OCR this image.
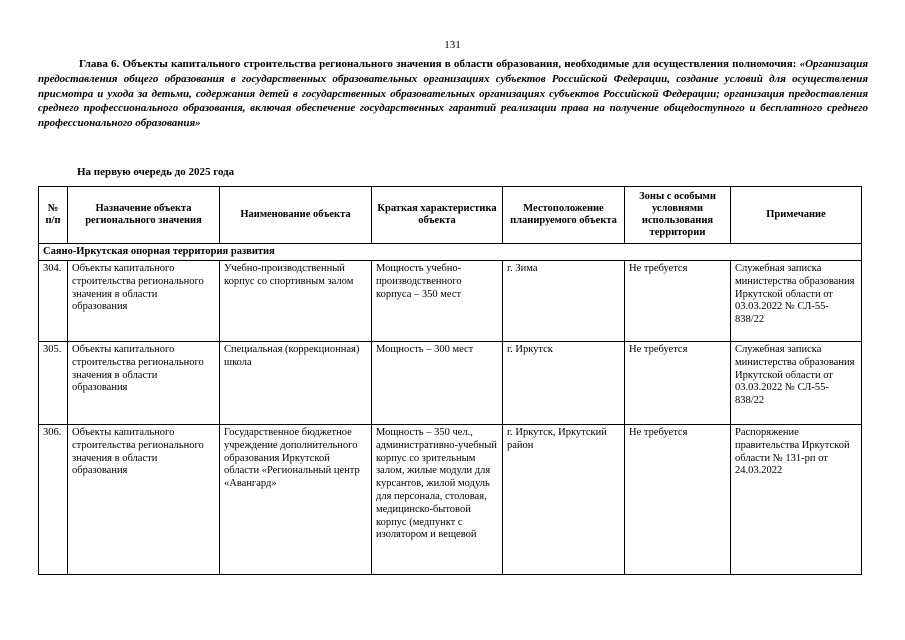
131
Глава 6. Объекты капитального строительства регионального значения в области образования, необходимые для осуществления полномочия: «Организация предоставления общего образования в государственных образовательных организациях субъектов Российской Федерации, создание условий для осуществления присмотра и ухода за детьми, содержания детей в государственных образовательных организациях субъектов Российской Федерации; организация предоставления среднего профессионального образования, включая обеспечение государственных гарантий реализации права на получение общедоступного и бесплатного среднего профессионального образования»
На первую очередь до 2025 года
№ п/п	Назначение объекта регионального значения	Наименование объекта	Краткая характеристика объекта	Местоположение планируемого объекта	Зоны с особыми условиями использования территории	Примечание
Саяно-Иркутская опорная территория развития						
304.	Объекты капитального строительства регионального значения в области образования	Учебно-производственный корпус со спортивным залом	Мощность учебно-производственного корпуса – 350 мест	г. Зима	Не требуется	Служебная записка министерства образования Иркутской области от 03.03.2022 № СЛ-55-838/22
305.	Объекты капитального строительства регионального значения в области образования	Специальная (коррекционная) школа	Мощность – 300 мест	г. Иркутск	Не требуется	Служебная записка министерства образования Иркутской области от 03.03.2022 № СЛ-55-838/22
306.	Объекты капитального строительства регионального значения в области образования	Государственное бюджетное учреждение дополнительного образования Иркутской области «Региональный центр «Авангард»	Мощность – 350 чел., административно-учебный корпус со зрительным залом, жилые модули для курсантов, жилой модуль для персонала, столовая, медицинско-бытовой корпус (медпункт с изолятором и вещевой	г. Иркутск, Иркутский район	Не требуется	Распоряжение правительства Иркутской области № 131-рп от 24.03.2022
